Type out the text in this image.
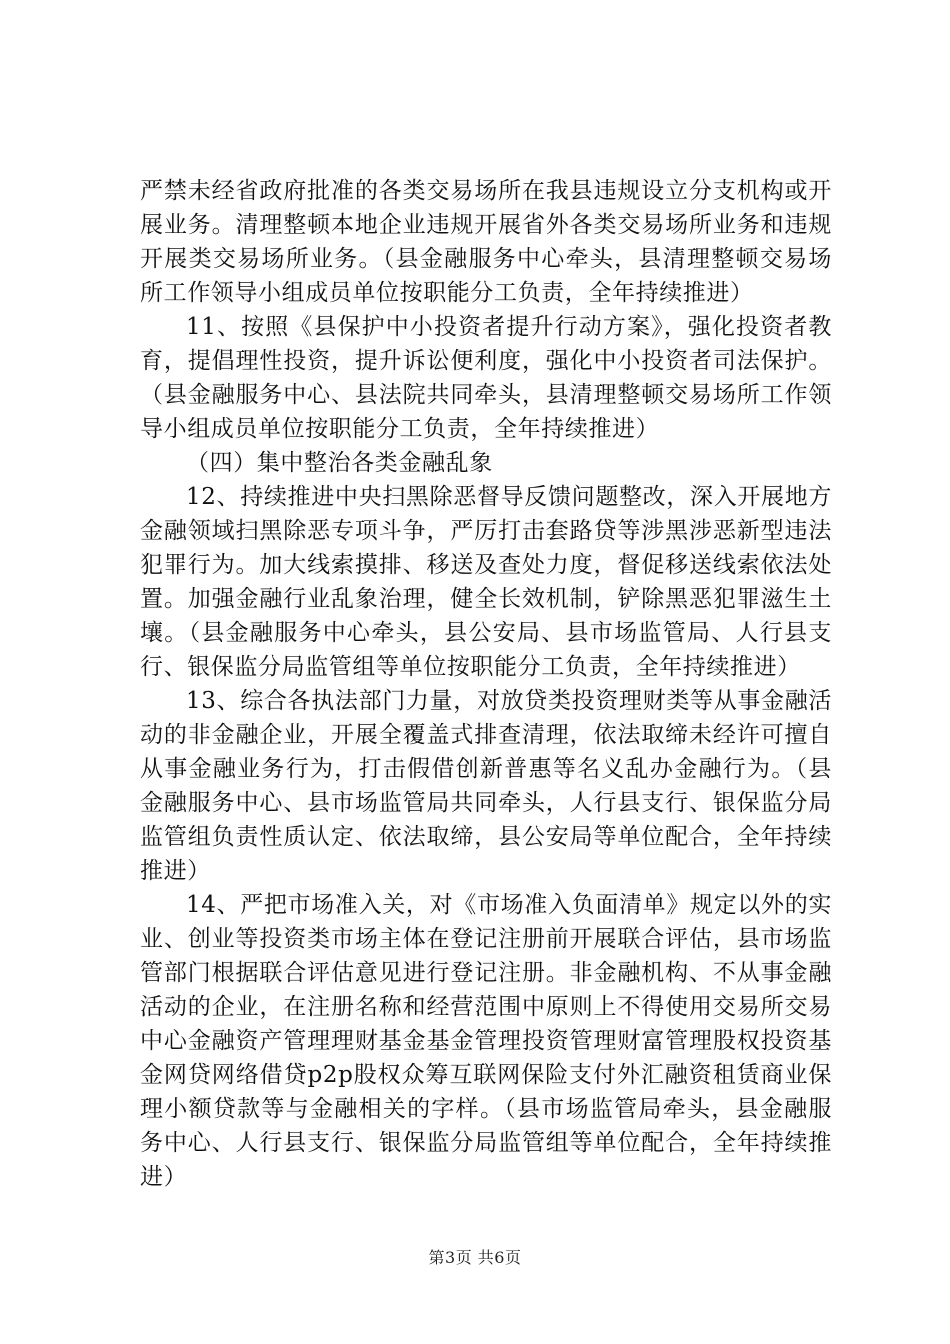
严禁未经省政府批准的各类交易场所在我县违规设立分支机构或开展业务。清理整顿本地企业违规开展省外各类交易场所业务和违规开展类交易场所业务。（县金融服务中心牵头，县清理整顿交易场所工作领导小组成员单位按职能分工负责，全年持续推进）

11、按照《县保护中小投资者提升行动方案》，强化投资者教育，提倡理性投资，提升诉讼便利度，强化中小投资者司法保护。（县金融服务中心、县法院共同牵头，县清理整顿交易场所工作领导小组成员单位按职能分工负责，全年持续推进）

（四）集中整治各类金融乱象

12、持续推进中央扫黑除恶督导反馈问题整改，深入开展地方金融领域扫黑除恶专项斗争，严厉打击套路贷等涉黑涉恶新型违法犯罪行为。加大线索摸排、移送及查处力度，督促移送线索依法处置。加强金融行业乱象治理，健全长效机制，铲除黑恶犯罪滋生土壤。（县金融服务中心牵头，县公安局、县市场监管局、人行县支行、银保监分局监管组等单位按职能分工负责，全年持续推进）

13、综合各执法部门力量，对放贷类投资理财类等从事金融活动的非金融企业，开展全覆盖式排查清理，依法取缔未经许可擅自从事金融业务行为，打击假借创新普惠等名义乱办金融行为。（县金融服务中心、县市场监管局共同牵头，人行县支行、银保监分局监管组负责性质认定、依法取缔，县公安局等单位配合，全年持续推进）

14、严把市场准入关，对《市场准入负面清单》规定以外的实业、创业等投资类市场主体在登记注册前开展联合评估，县市场监管部门根据联合评估意见进行登记注册。非金融机构、不从事金融活动的企业，在注册名称和经营范围中原则上不得使用交易所交易中心金融资产管理理财基金基金管理投资管理财富管理股权投资基金网贷网络借贷p2p股权众筹互联网保险支付外汇融资租赁商业保理小额贷款等与金融相关的字样。（县市场监管局牵头，县金融服务中心、人行县支行、银保监分局监管组等单位配合，全年持续推进）

第3页 共6页
